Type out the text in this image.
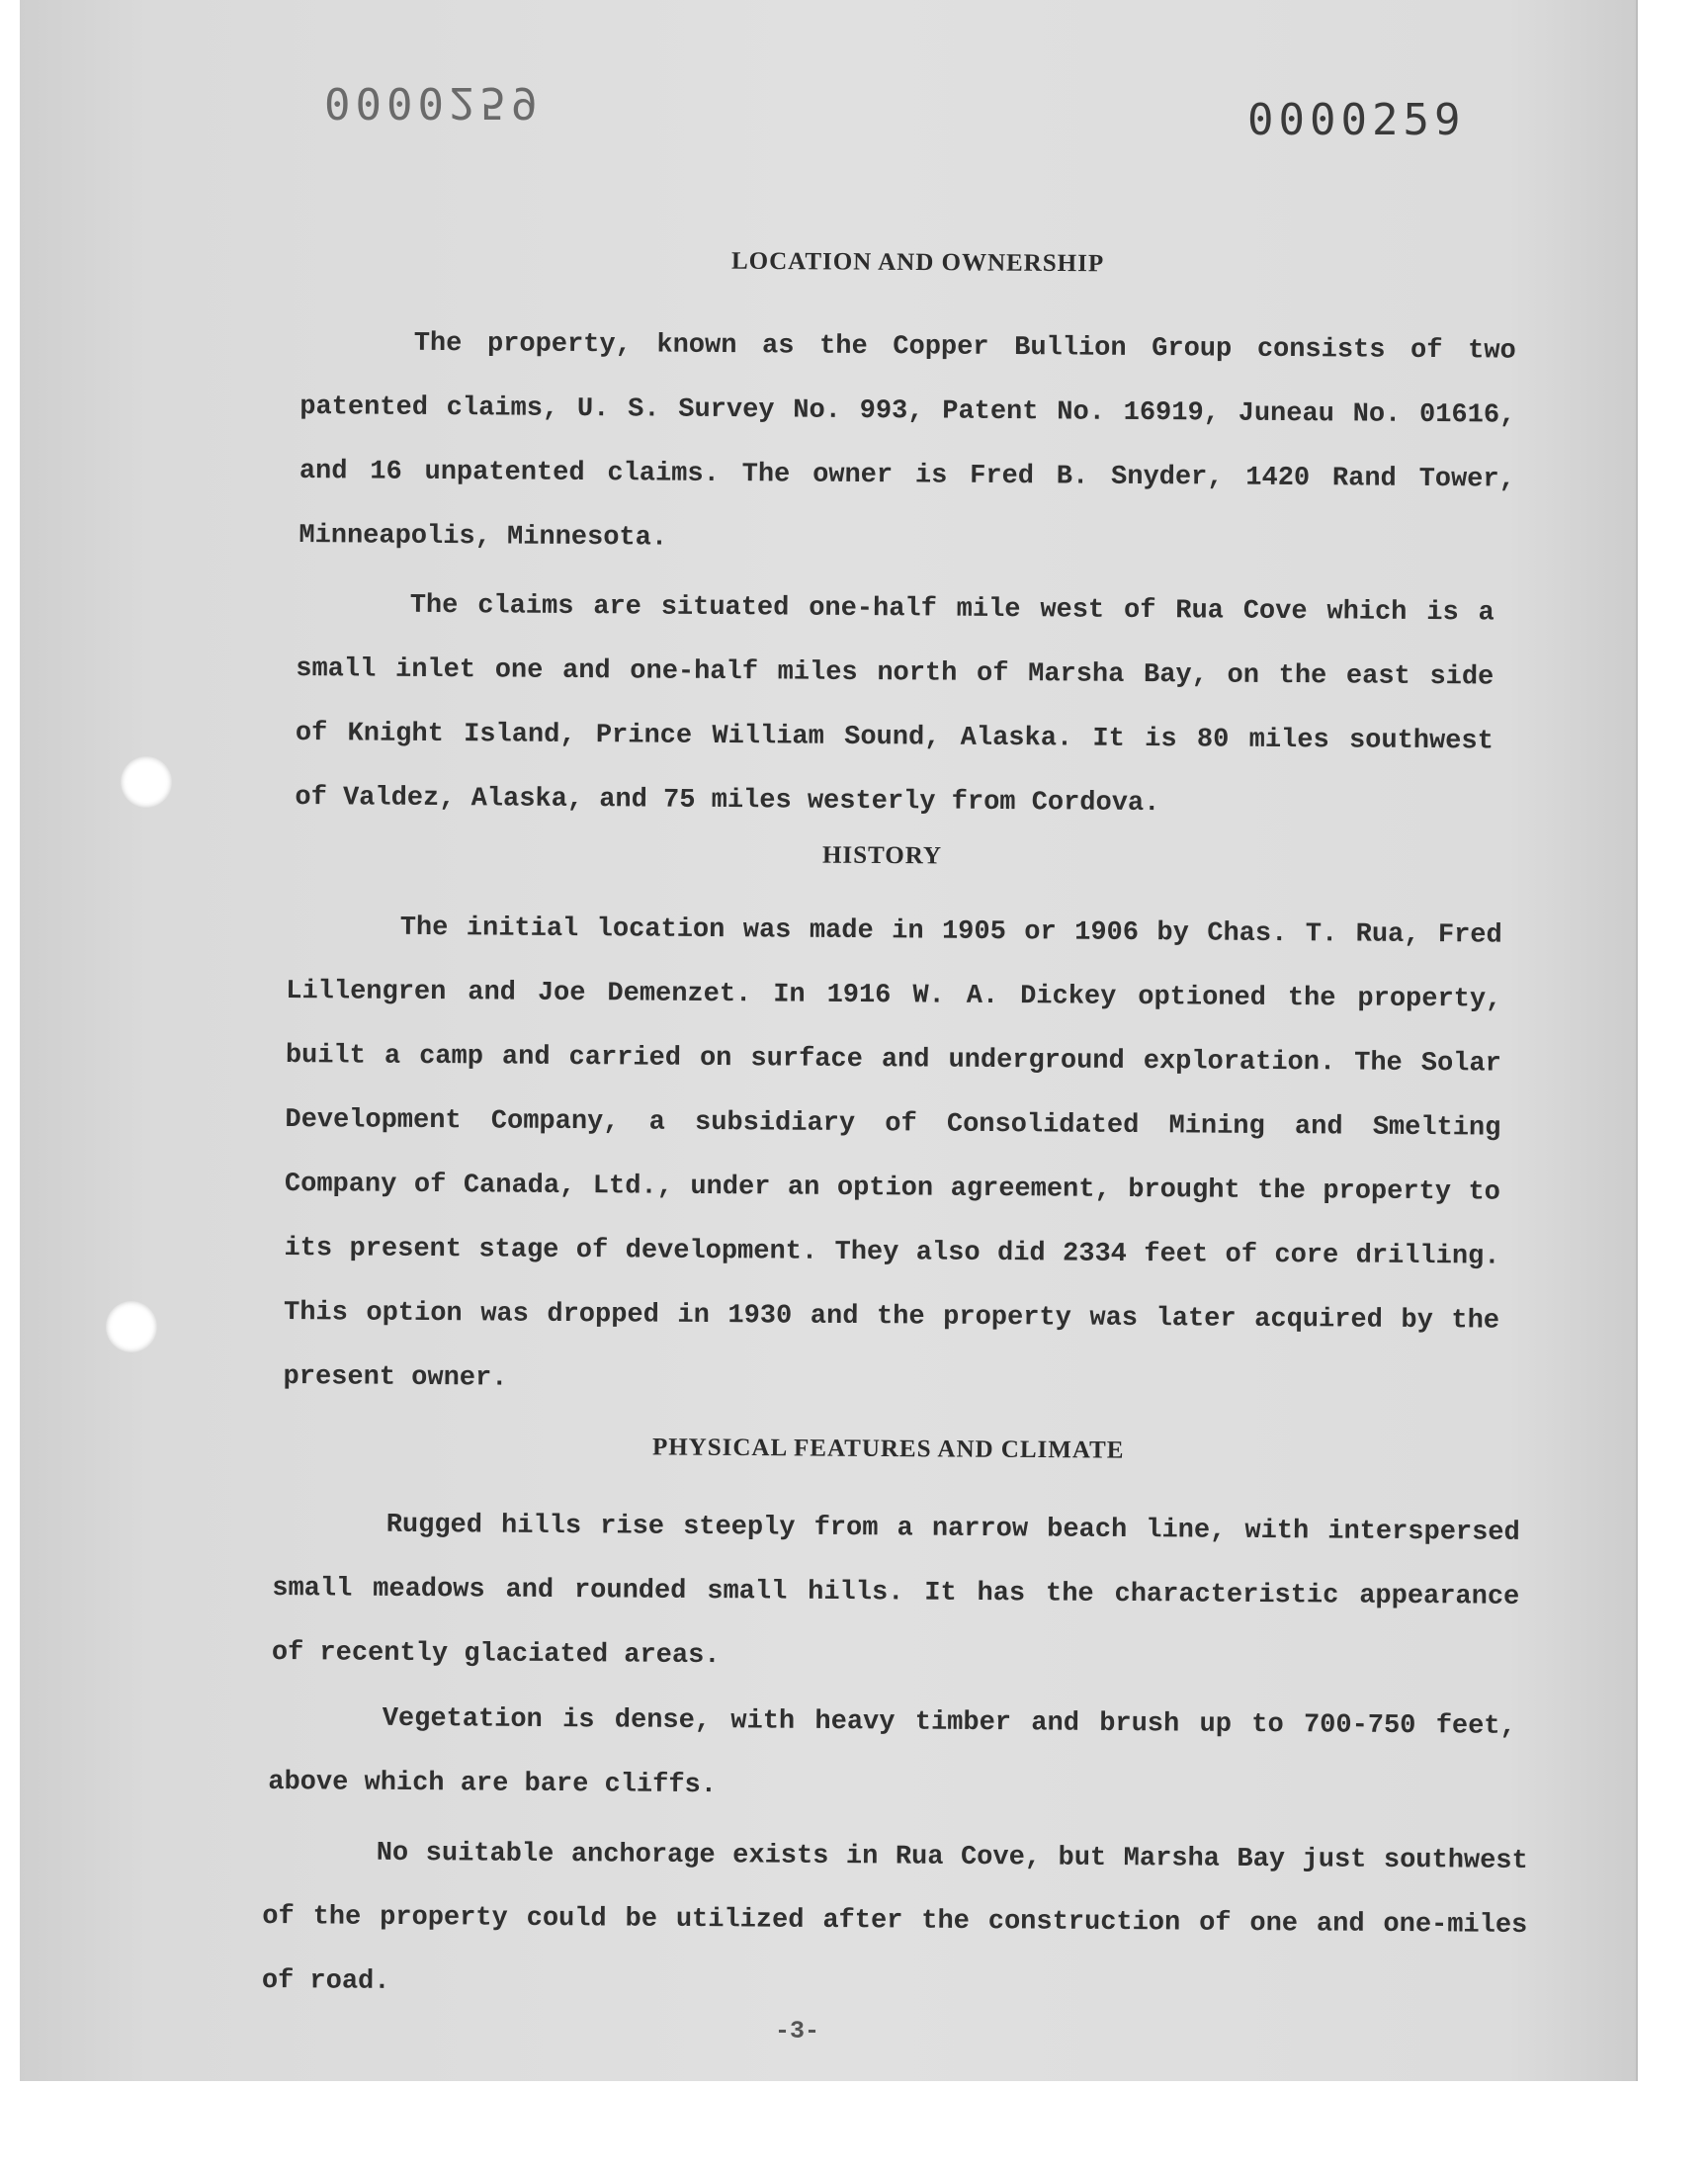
0000259	0000259
LOCATION AND OWNERSHIP
The property, known as the Copper Bullion Group consists of two patented claims, U. S. Survey No. 993, Patent No. 16919, Juneau No. 01616, and 16 unpatented claims. The owner is Fred B. Snyder, 1420 Rand Tower, Minneapolis, Minnesota.
The claims are situated one-half mile west of Rua Cove which is a small inlet one and one-half miles north of Marsha Bay, on the east side of Knight Island, Prince William Sound, Alaska. It is 80 miles southwest of Valdez, Alaska, and 75 miles westerly from Cordova.
HISTORY
The initial location was made in 1905 or 1906 by Chas. T. Rua, Fred Lillengren and Joe Demenzet. In 1916 W. A. Dickey optioned the property, built a camp and carried on surface and underground exploration. The Solar Development Company, a subsidiary of Consolidated Mining and Smelting Company of Canada, Ltd., under an option agreement, brought the property to its present stage of development. They also did 2334 feet of core drilling. This option was dropped in 1930 and the property was later acquired by the present owner.
PHYSICAL FEATURES AND CLIMATE
Rugged hills rise steeply from a narrow beach line, with interspersed small meadows and rounded small hills. It has the characteristic appearance of recently glaciated areas.
Vegetation is dense, with heavy timber and brush up to 700-750 feet, above which are bare cliffs.
No suitable anchorage exists in Rua Cove, but Marsha Bay just southwest of the property could be utilized after the construction of one and one-miles of road.
-3-
